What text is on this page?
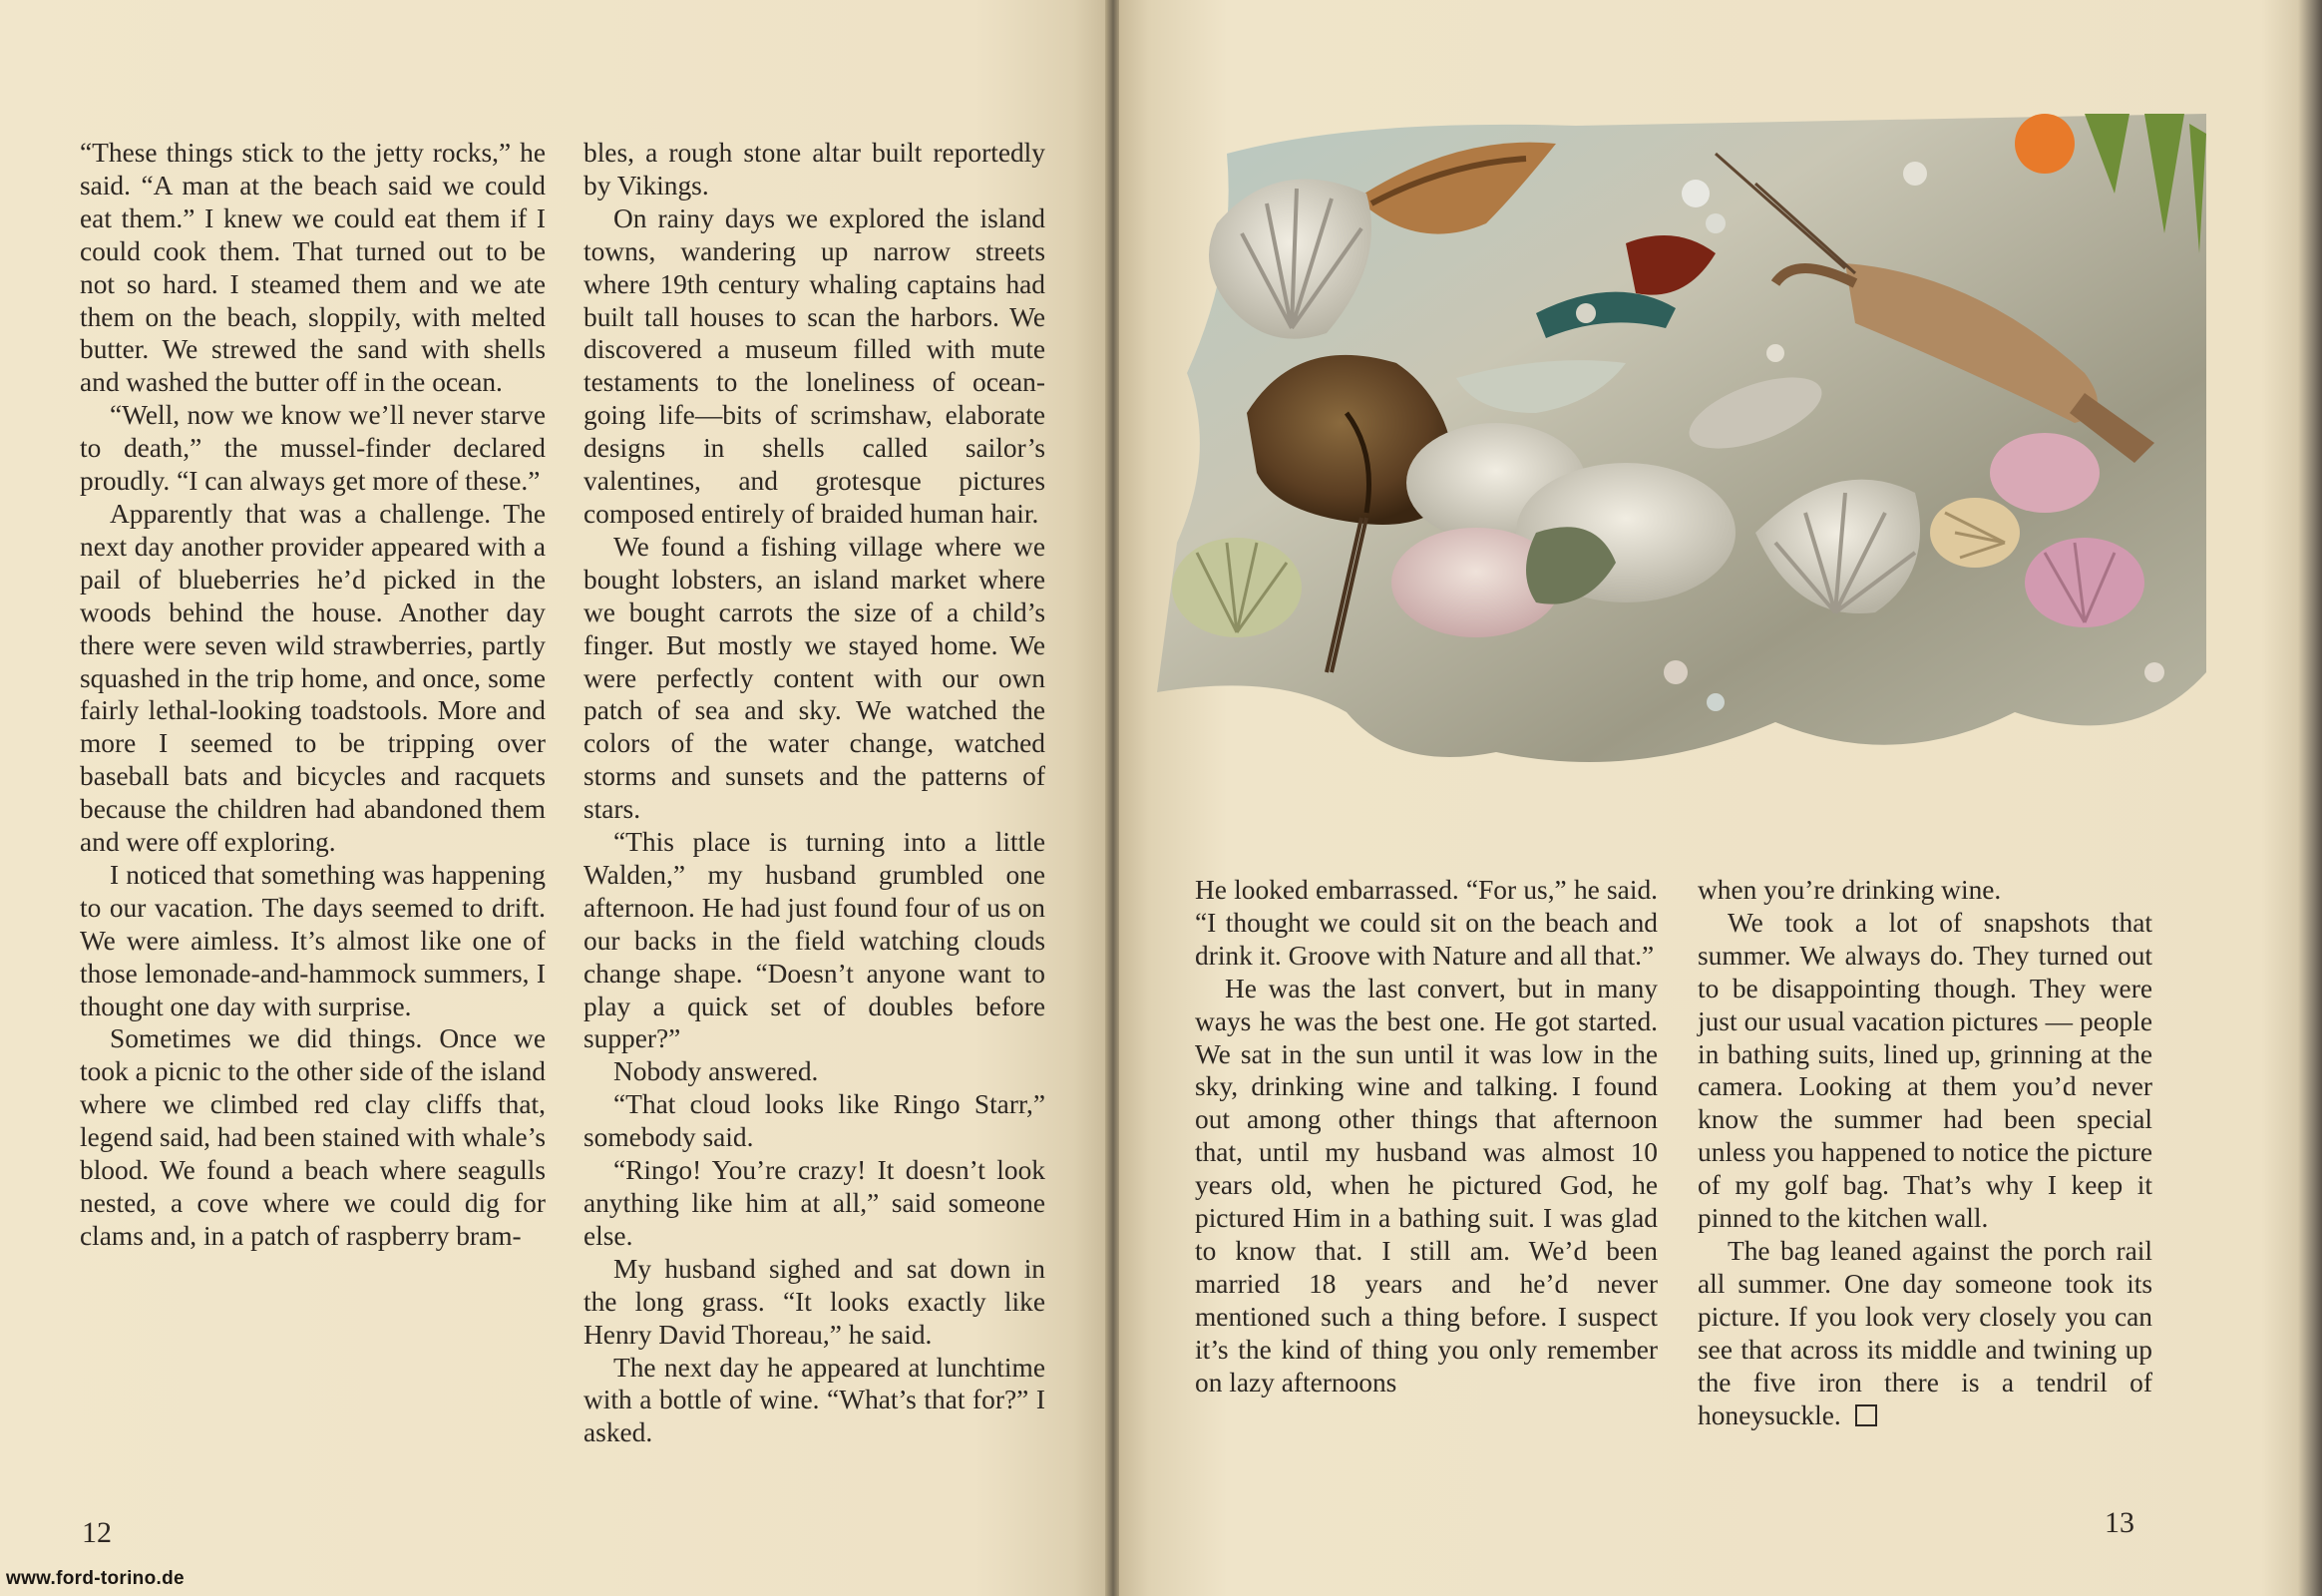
“These things stick to the jetty rocks,” he said. “A man at the beach said we could eat them.” I knew we could eat them if I could cook them. That turned out to be not so hard. I steamed them and we ate them on the beach, sloppily, with melted butter. We strewed the sand with shells and washed the butter off in the ocean.

“Well, now we know we’ll never starve to death,” the mussel-finder declared proudly. “I can always get more of these.”

Apparently that was a challenge. The next day another provider appeared with a pail of blueberries he’d picked in the woods behind the house. Another day there were seven wild strawberries, partly squashed in the trip home, and once, some fairly lethal-looking toadstools. More and more I seemed to be tripping over baseball bats and bicycles and racquets because the children had abandoned them and were off exploring.

I noticed that something was happening to our vacation. The days seemed to drift. We were aimless. It’s almost like one of those lemonade-and-hammock summers, I thought one day with surprise.

Sometimes we did things. Once we took a picnic to the other side of the island where we climbed red clay cliffs that, legend said, had been stained with whale’s blood. We found a beach where seagulls nested, a cove where we could dig for clams and, in a patch of raspberry bram-

bles, a rough stone altar built reportedly by Vikings.

On rainy days we explored the island towns, wandering up narrow streets where 19th century whaling captains had built tall houses to scan the harbors. We discovered a museum filled with mute testaments to the loneliness of ocean-going life—bits of scrimshaw, elaborate designs in shells called sailor’s valentines, and grotesque pictures composed entirely of braided human hair.

We found a fishing village where we bought lobsters, an island market where we bought carrots the size of a child’s finger. But mostly we stayed home. We were perfectly content with our own patch of sea and sky. We watched the colors of the water change, watched storms and sunsets and the patterns of stars.

“This place is turning into a little Walden,” my husband grumbled one afternoon. He had just found four of us on our backs in the field watching clouds change shape. “Doesn’t anyone want to play a quick set of doubles before supper?”

Nobody answered.

“That cloud looks like Ringo Starr,” somebody said.

“Ringo! You’re crazy! It doesn’t look anything like him at all,” said someone else.

My husband sighed and sat down in the long grass. “It looks exactly like Henry David Thoreau,” he said.

The next day he appeared at lunchtime with a bottle of wine. “What’s that for?” I asked.

12

He looked embarrassed. “For us,” he said. “I thought we could sit on the beach and drink it. Groove with Nature and all that.”

He was the last convert, but in many ways he was the best one. He got started. We sat in the sun until it was low in the sky, drinking wine and talking. I found out among other things that afternoon that, until my husband was almost 10 years old, when he pictured God, he pictured Him in a bathing suit. I was glad to know that. I still am. We’d been married 18 years and he’d never mentioned such a thing before. I suspect it’s the kind of thing you only remember on lazy afternoons

when you’re drinking wine.

We took a lot of snapshots that summer. We always do. They turned out to be disappointing though. They were just our usual vacation pictures — people in bathing suits, lined up, grinning at the camera. Looking at them you’d never know the summer had been special unless you happened to notice the picture of my golf bag. That’s why I keep it pinned to the kitchen wall.

The bag leaned against the porch rail all summer. One day someone took its picture. If you look very closely you can see that across its middle and twining up the five iron there is a tendril of honeysuckle.

13
www.ford-torino.de
